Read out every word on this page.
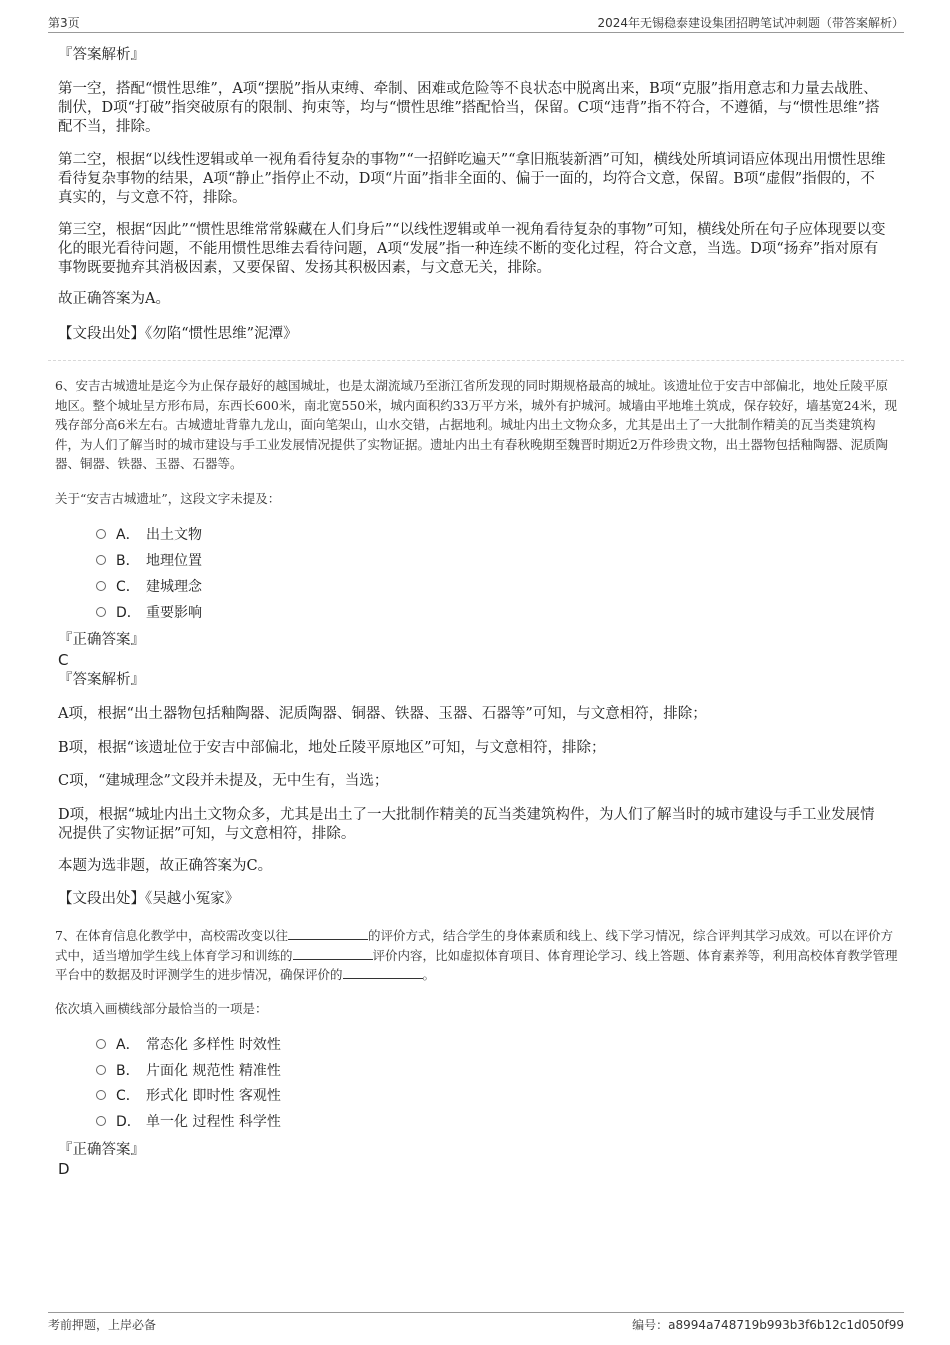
第3页	2024年无锡稳泰建设集团招聘笔试冲刺题（带答案解析）
『答案解析』
第一空，搭配“惯性思维”，A项“摆脱”指从束缚、牵制、困难或危险等不良状态中脱离出来，B项“克服”指用意志和力量去战胜、制伏，D项“打破”指突破原有的限制、拘束等，均与“惯性思维”搭配恰当，保留。C项“违背”指不符合，不遵循，与“惯性思维”搭配不当，排除。
第二空，根据“以线性逻辑或单一视角看待复杂的事物”“一招鲜吃遍天”“拿旧瓶装新酒”可知，横线处所填词语应体现出用惯性思维看待复杂事物的结果，A项“静止”指停止不动，D项“片面”指非全面的、偏于一面的，均符合文意，保留。B项“虚假”指假的，不真实的，与文意不符，排除。
第三空，根据“因此”“惯性思维常常躲藏在人们身后”“以线性逻辑或单一视角看待复杂的事物”可知，横线处所在句子应体现要以变化的眼光看待问题，不能用惯性思维去看待问题，A项“发展”指一种连续不断的变化过程，符合文意，当选。D项“扬弃”指对原有事物既要抛弃其消极因素，又要保留、发扬其积极因素，与文意无关，排除。
故正确答案为A。
【文段出处】《勿陷“惯性思维”泥潭》
6、安吉古城遗址是迄今为止保存最好的越国城址，也是太湖流域乃至浙江省所发现的同时期规格最高的城址。该遗址位于安吉中部偏北，地处丘陵平原地区。整个城址呈方形布局，东西长600米，南北宽550米，城内面积约33万平方米，城外有护城河。城墙由平地堆土筑成，保存较好，墙基宽24米，现残存部分高6米左右。古城遗址背靠九龙山，面向笔架山，山水交错，占据地利。城址内出土文物众多，尤其是出土了一大批制作精美的瓦当类建筑构件，为人们了解当时的城市建设与手工业发展情况提供了实物证据。遗址内出土有春秋晚期至魏晋时期近2万件珍贵文物，出土器物包括釉陶器、泥质陶器、铜器、铁器、玉器、石器等。
关于“安吉古城遗址”，这段文字未提及：
A． 出土文物
B． 地理位置
C． 建城理念
D． 重要影响
『正确答案』
C
『答案解析』
A项，根据“出土器物包括釉陶器、泥质陶器、铜器、铁器、玉器、石器等”可知，与文意相符，排除；
B项，根据“该遗址位于安吉中部偏北，地处丘陵平原地区”可知，与文意相符，排除；
C项，“建城理念”文段并未提及，无中生有，当选；
D项，根据“城址内出土文物众多，尤其是出土了一大批制作精美的瓦当类建筑构件，为人们了解当时的城市建设与手工业发展情况提供了实物证据”可知，与文意相符，排除。
本题为选非题，故正确答案为C。
【文段出处】《吴越小冤家》
7、在体育信息化教学中，高校需改变以往	的评价方式，结合学生的身体素质和线上、线下学习情况，综合评判其学习成效。可以在评价方式中，适当增加学生线上体育学习和训练的	评价内容，比如虚拟体育项目、体育理论学习、线上答题、体育素养等，利用高校体育教学管理平台中的数据及时评测学生的进步情况，确保评价的	。
依次填入画横线部分最恰当的一项是：
A． 常态化 多样性 时效性
B． 片面化 规范性 精准性
C． 形式化 即时性 客观性
D． 单一化 过程性 科学性
『正确答案』
D
考前押题，上岸必备	编号：a8994a748719b993b3f6b12c1d050f99
